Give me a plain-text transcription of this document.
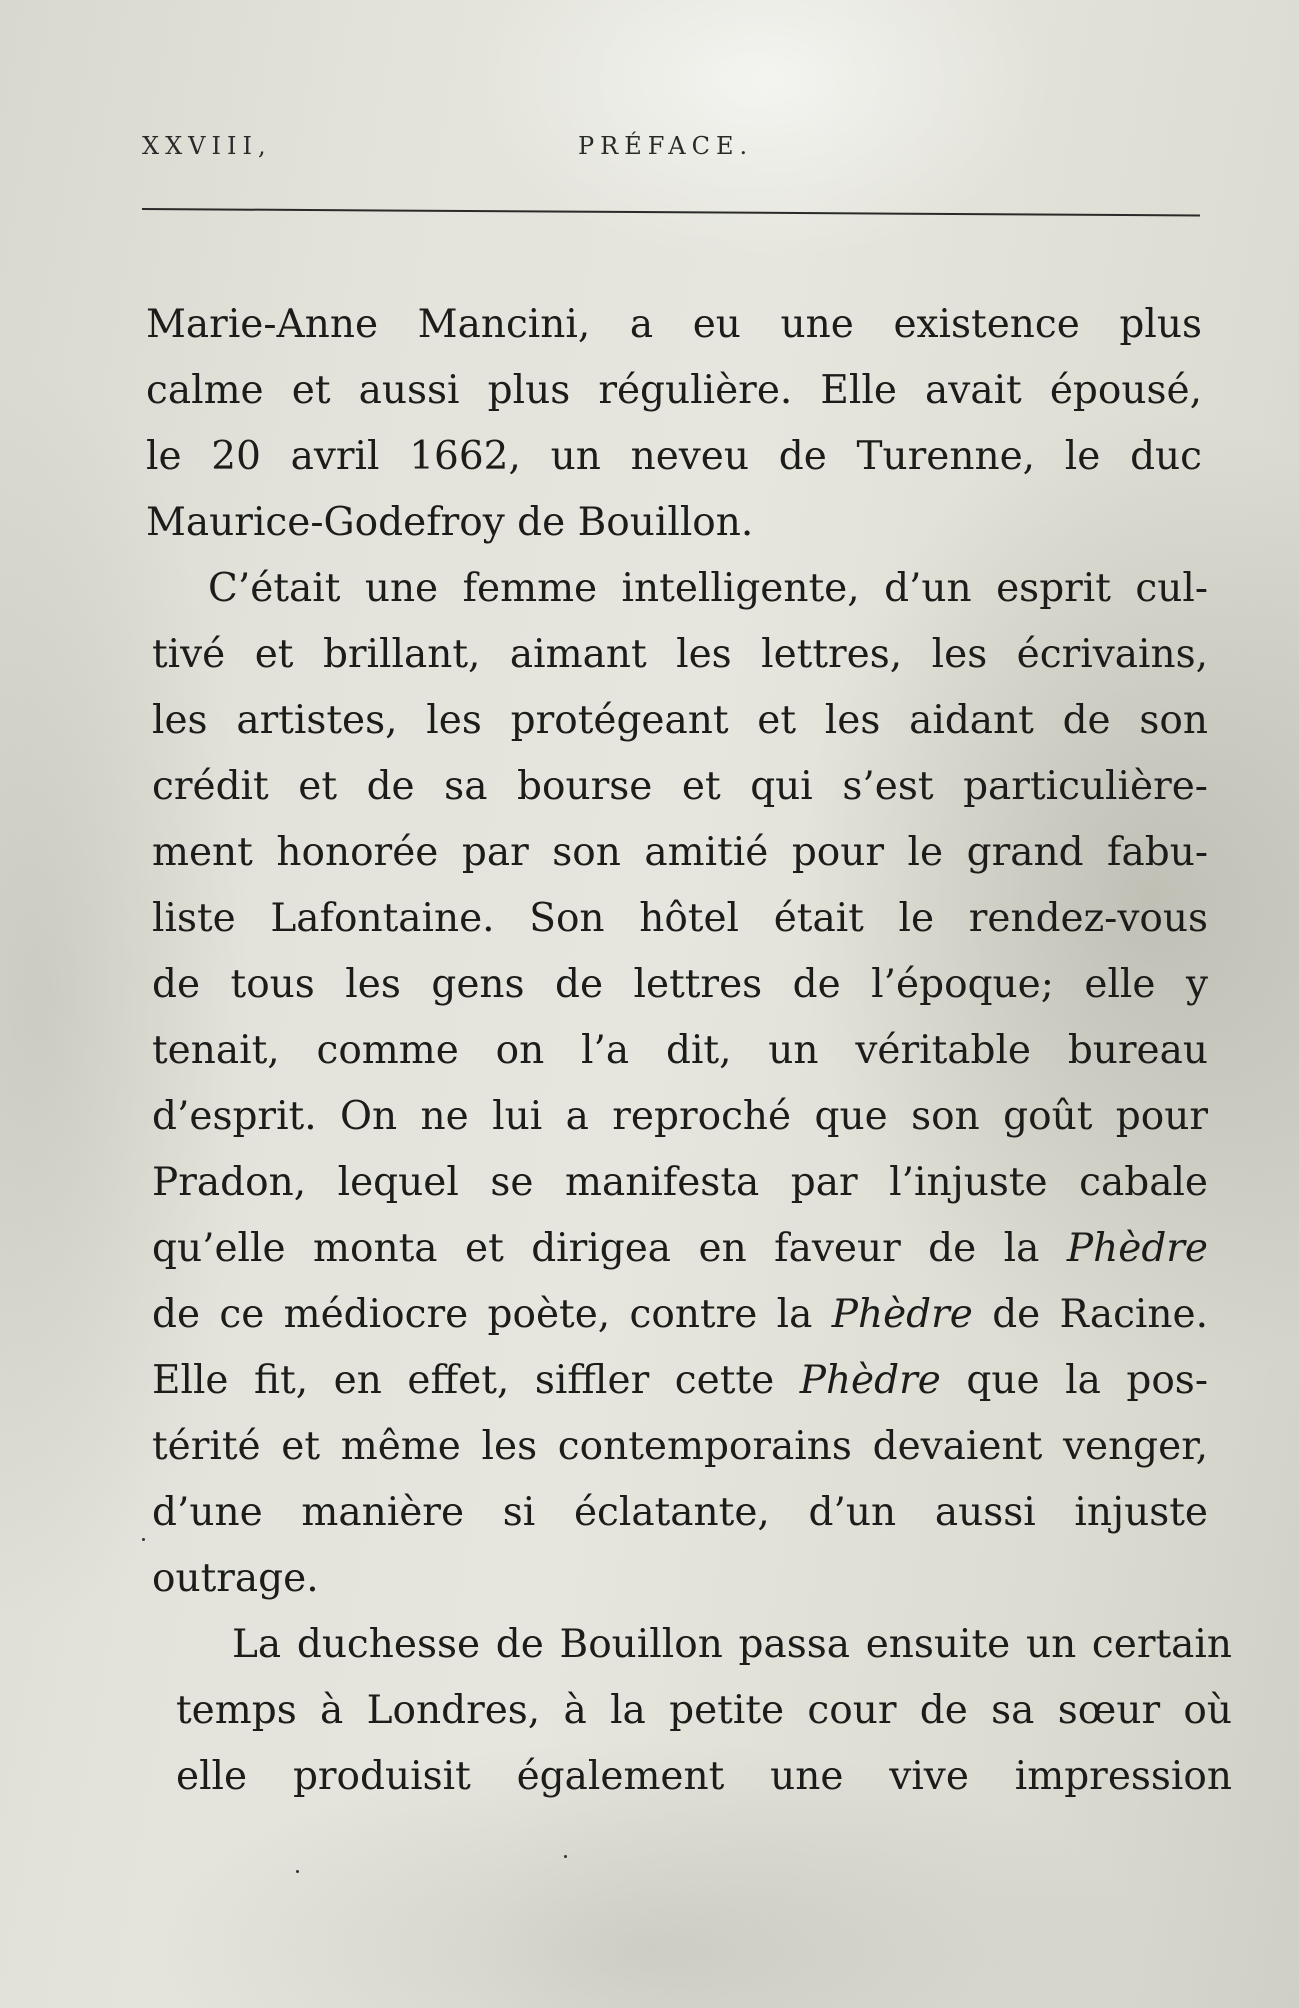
XXVIII,	PRÉFACE.
Marie-Anne Mancini, a eu une existence plus
calme et aussi plus régulière. Elle avait épousé,
le 20 avril 1662, un neveu de Turenne, le duc
Maurice-Godefroy de Bouillon.
C’était une femme intelligente, d’un esprit cul-
tivé et brillant, aimant les lettres, les écrivains,
les artistes, les protégeant et les aidant de son
crédit et de sa bourse et qui s’est particulière-
ment honorée par son amitié pour le grand fabu-
liste Lafontaine. Son hôtel était le rendez-vous
de tous les gens de lettres de l’époque; elle y
tenait, comme on l’a dit, un véritable bureau
d’esprit. On ne lui a reproché que son goût pour
Pradon, lequel se manifesta par l’injuste cabale
qu’elle monta et dirigea en faveur de la Phèdre
de ce médiocre poète, contre la Phèdre de Racine.
Elle fit, en effet, siffler cette Phèdre que la pos-
térité et même les contemporains devaient venger,
d’une manière si éclatante, d’un aussi injuste
outrage.
La duchesse de Bouillon passa ensuite un certain
temps à Londres, à la petite cour de sa sœur où
elle produisit également une vive impression
